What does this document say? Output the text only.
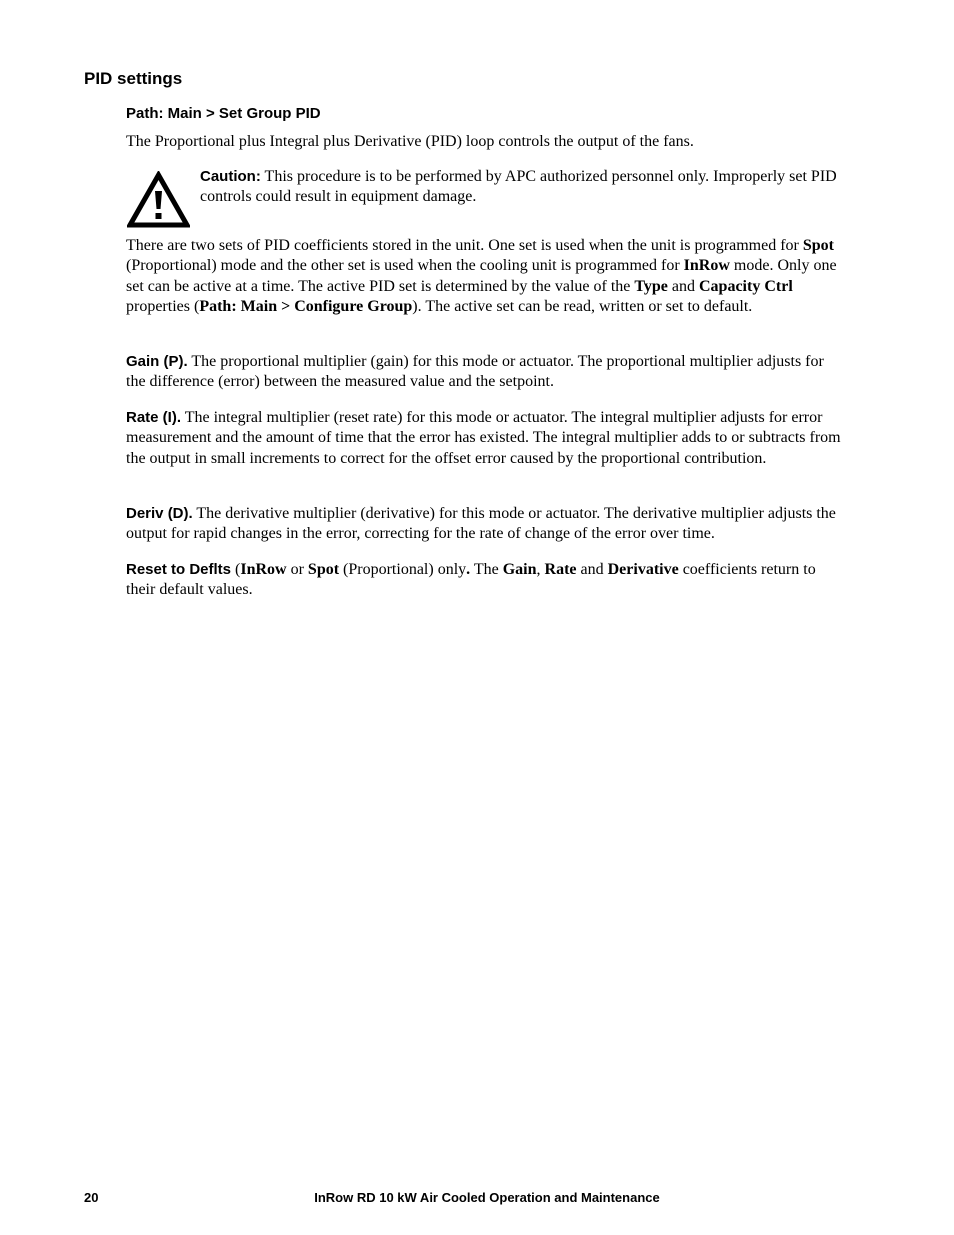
PID settings
Path: Main > Set Group PID

The Proportional plus Integral plus Derivative (PID) loop controls the output of the fans.

Caution: This procedure is to be performed by APC authorized personnel only. Improperly set PID controls could result in equipment damage.

There are two sets of PID coefficients stored in the unit. One set is used when the unit is programmed for Spot (Proportional) mode and the other set is used when the cooling unit is programmed for InRow mode. Only one set can be active at a time. The active PID set is determined by the value of the Type and Capacity Ctrl properties (Path: Main > Configure Group). The active set can be read, written or set to default.

Gain (P). The proportional multiplier (gain) for this mode or actuator. The proportional multiplier adjusts for the difference (error) between the measured value and the setpoint.

Rate (I). The integral multiplier (reset rate) for this mode or actuator. The integral multiplier adjusts for error measurement and the amount of time that the error has existed. The integral multiplier adds to or subtracts from the output in small increments to correct for the offset error caused by the proportional contribution.

Deriv (D). The derivative multiplier (derivative) for this mode or actuator. The derivative multiplier adjusts the output for rapid changes in the error, correcting for the rate of change of the error over time.

Reset to Deflts (InRow or Spot (Proportional) only. The Gain, Rate and Derivative coefficients return to their default values.

20	InRow RD 10 kW Air Cooled Operation and Maintenance
